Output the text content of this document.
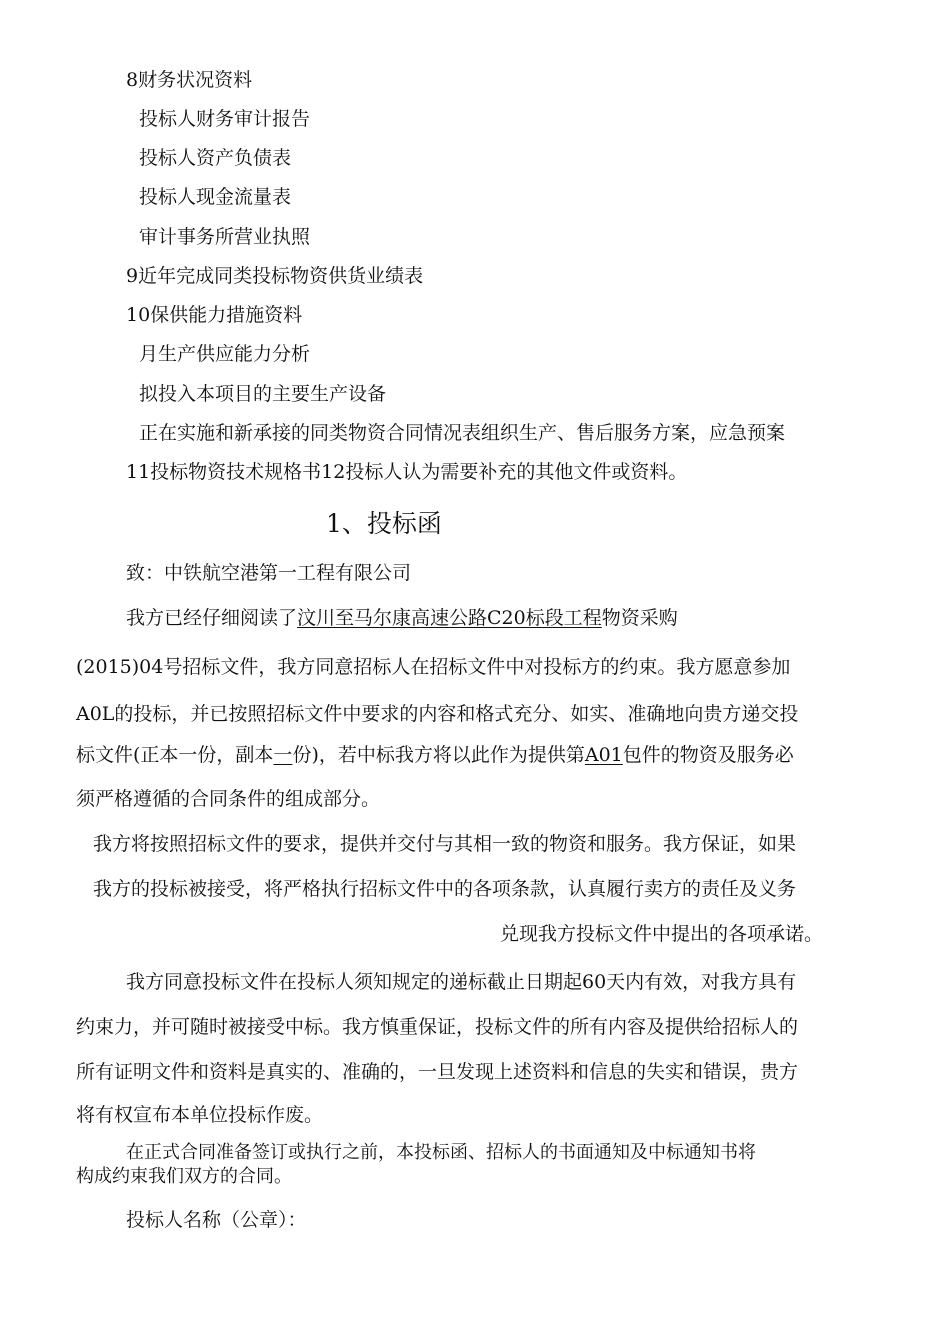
8财务状况资料
投标人财务审计报告
投标人资产负债表
投标人现金流量表
审计事务所营业执照
9近年完成同类投标物资供货业绩表
10保供能力措施资料
月生产供应能力分析
拟投入本项目的主要生产设备
正在实施和新承接的同类物资合同情况表组织生产、售后服务方案，应急预案
11投标物资技术规格书12投标人认为需要补充的其他文件或资料。
1、投标函
致：中铁航空港第一工程有限公司
我方已经仔细阅读了汶川至马尔康高速公路C20标段工程物资采购
(2015)04号招标文件，我方同意招标人在招标文件中对投标方的约束。我方愿意参加
A0L的投标，并已按照招标文件中要求的内容和格式充分、如实、准确地向贵方递交投
标文件(正本一份，副本一份)，若中标我方将以此作为提供第A01包件的物资及服务必
须严格遵循的合同条件的组成部分。
我方将按照招标文件的要求，提供并交付与其相一致的物资和服务。我方保证，如果
我方的投标被接受，将严格执行招标文件中的各项条款，认真履行卖方的责任及义务
兑现我方投标文件中提出的各项承诺。
我方同意投标文件在投标人须知规定的递标截止日期起60天内有效，对我方具有
约束力，并可随时被接受中标。我方慎重保证，投标文件的所有内容及提供给招标人的
所有证明文件和资料是真实的、准确的，一旦发现上述资料和信息的失实和错误，贵方
将有权宣布本单位投标作废。
在正式合同准备签订或执行之前，本投标函、招标人的书面通知及中标通知书将
构成约束我们双方的合同。
投标人名称（公章）：
